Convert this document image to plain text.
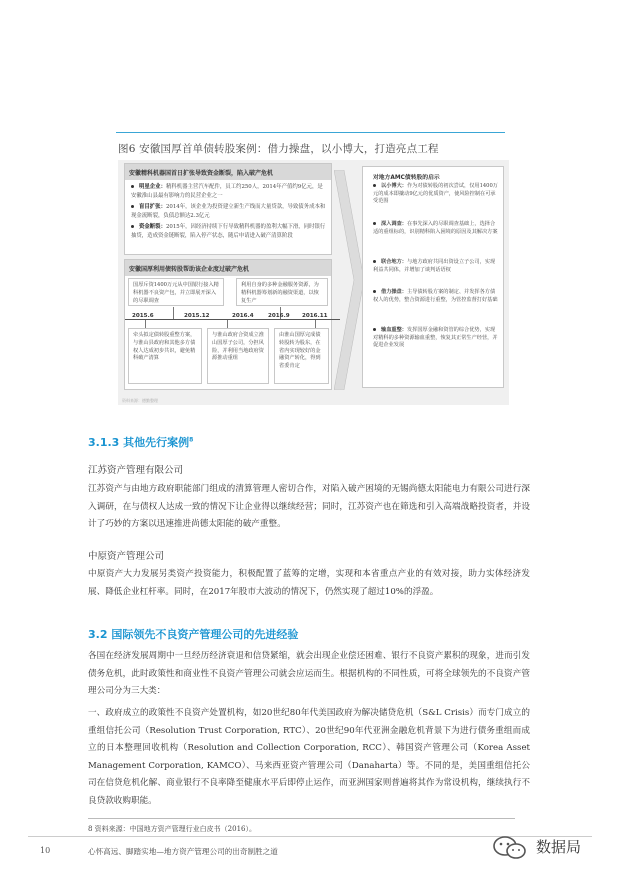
图6 安徽国厚首单债转股案例：借力操盘，以小博大，打造亮点工程
安徽精科机器国首日扩张导致资金断裂，陷入破产危机
明星企业：精科机器主营汽车配件，员工约250人，2014年产值约9亿元，是安徽淮山县最有影响力的民营企业之一
盲目扩张：2014年，该企业为投资建立新生产线而大量贷款，导致债务成本和现金流断裂，负债总额达2.3亿元
资金断裂：2015年，因经济持续下行导致精科机器的盈利大幅下滑，同时银行抽贷，造成资金链断裂，陷入停产状态，随后申请进入破产清算阶段
安徽国厚利用债转股帮助该企业度过破产危机
国厚斥资1400万元从中国银行接入精科机器不良资产包，并立即展开深入的尽职调查
利用自身的多种金融服务资源，为精科机器筹划新的融资渠道，以恢复生产
2015.6	2015.12	2016.4	2016.9 2016.11
牵头拟定债转股重整方案，与淮山县政府和其他多方债权人达成初步共识，避免精科破产清算
与淮山政府合资成立淮山国厚子公司，分担风险，并利用当地政府资源推动重组
由淮山国厚完成债转股转为股东，在省内实现较好的金融资产转化，得到省委肯定
对地方AMC债转股的启示
以小博大：作为对债转股的初次尝试，仅用1400万元的成本即撬动9亿元的优质资产，使风险控制在可承受范围
深入调查：在事先深入的尽职调查基础上，选择合适的重组标的，识别精科陷入困境的原因及其解决方案
联合地方：与地方政府共同出资设立子公司，实现利益共同体，并增加了谈判话语权
借力操盘：主导债转股方案的制定、并发挥各方债权人的优势，整合资源进行重整，为管控监督打好基础
输血重整：发挥国厚金融和资管的综合优势，实现对精科的多种资源输血重整，恢复其正常生产经营，并促进企业发展
资料来源：德勤整理
3.1.3 其他先行案例$^8$
江苏资产管理有限公司
江苏资产与由地方政府职能部门组成的清算管理人密切合作，对陷入破产困境的无锡尚德太阳能电力有限公司进行深入调研，在与债权人达成一致的情况下让企业得以继续经营；同时，江苏资产也在筛选和引入高端战略投资者，并设计了巧妙的方案以迅速推进尚德太阳能的破产重整。
中原资产管理公司
中原资产大力发展另类资产投资能力，积极配置了蓝筹的定增，实现和本省重点产业的有效对接，助力实体经济发展、降低企业杠杆率。同时，在2017年股市大波动的情况下，仍然实现了超过10%的浮盈。
3.2 国际领先不良资产管理公司的先进经验
各国在经济发展周期中一旦经历经济衰退和信贷紧缩，就会出现企业偿还困难、银行不良资产累积的现象，进而引发债务危机，此时政策性和商业性不良资产管理公司就会应运而生。根据机构的不同性质，可将全球领先的不良资产管理公司分为三大类：
一、政府成立的政策性不良资产处置机构，如20世纪80年代美国政府为解决储贷危机（S&L Crisis）而专门成立的重组信托公司（Resolution Trust Corporation, RTC）、20世纪90年代亚洲金融危机背景下为进行债务重组而成立的日本整理回收机构（Resolution and Collection Corporation, RCC）、韩国资产管理公司（Korea Asset Management Corporation, KAMCO）、马来西亚资产管理公司（Danaharta）等。不同的是，美国重组信托公司在信贷危机化解、商业银行不良率降至健康水平后即停止运作，而亚洲国家则普遍将其作为常设机构，继续执行不良贷款收购职能。
8 资料来源：中国地方资产管理行业白皮书（2016）。
10	心怀高远、脚踏实地—地方资产管理公司的出奇制胜之道	数据局
